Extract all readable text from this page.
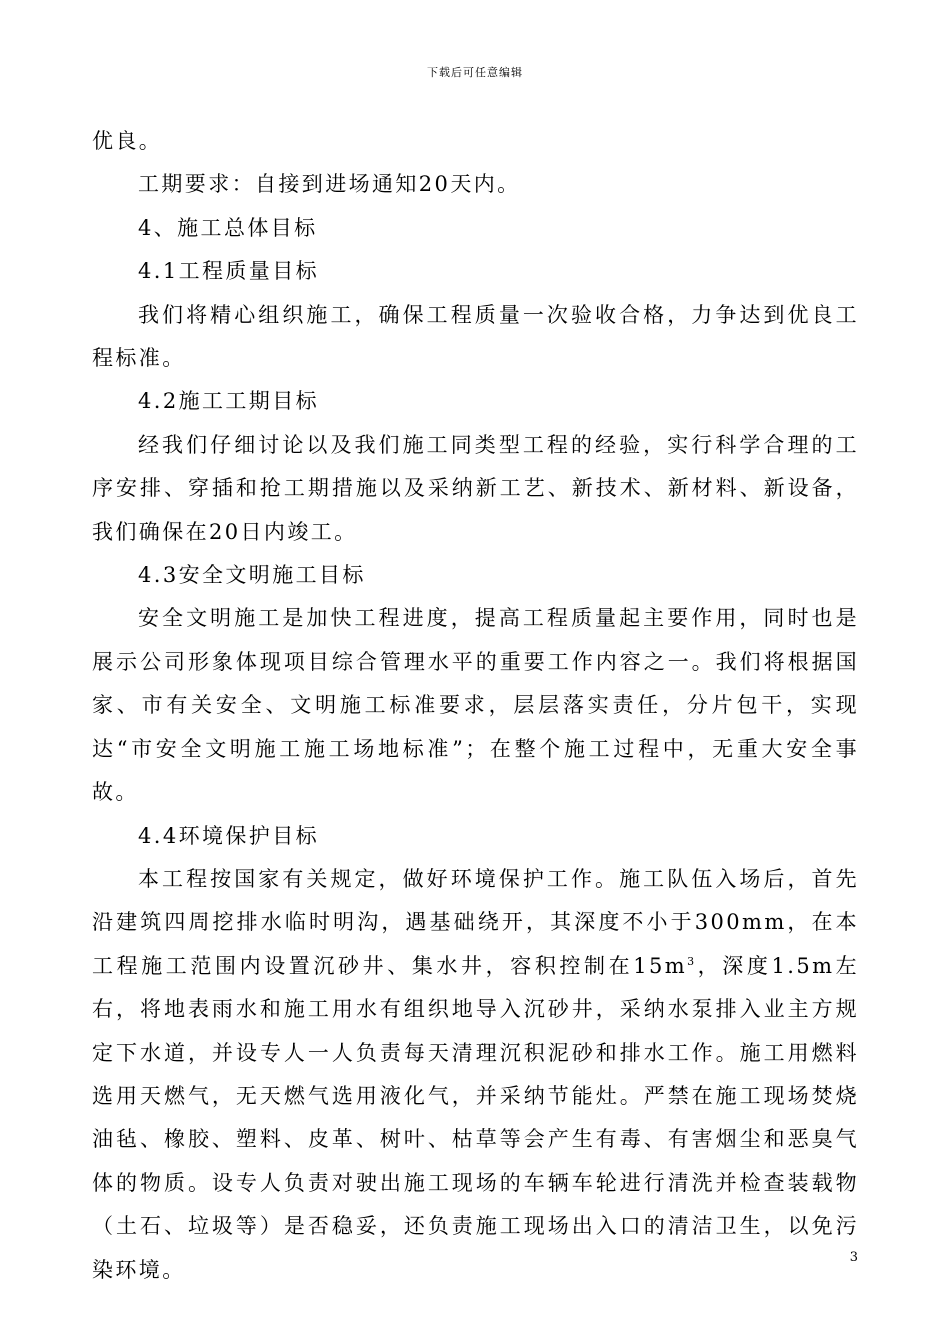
下载后可任意编辑

优良。

工期要求：自接到进场通知20天内。

4、施工总体目标

4.1工程质量目标

我们将精心组织施工，确保工程质量一次验收合格，力争达到优良工程标准。

4.2施工工期目标

经我们仔细讨论以及我们施工同类型工程的经验，实行科学合理的工序安排、穿插和抢工期措施以及采纳新工艺、新技术、新材料、新设备，我们确保在20日内竣工。

4.3安全文明施工目标

安全文明施工是加快工程进度，提高工程质量起主要作用，同时也是展示公司形象体现项目综合管理水平的重要工作内容之一。我们将根据国家、市有关安全、文明施工标准要求，层层落实责任，分片包干，实现达“市安全文明施工施工场地标准”；在整个施工过程中，无重大安全事故。

4.4环境保护目标

本工程按国家有关规定，做好环境保护工作。施工队伍入场后，首先沿建筑四周挖排水临时明沟，遇基础绕开，其深度不小于300mm，在本工程施工范围内设置沉砂井、集水井，容积控制在$15m^3$，深度1.5m左右，将地表雨水和施工用水有组织地导入沉砂井，采纳水泵排入业主方规定下水道，并设专人一人负责每天清理沉积泥砂和排水工作。施工用燃料选用天燃气，无天燃气选用液化气，并采纳节能灶。严禁在施工现场焚烧油毡、橡胶、塑料、皮革、树叶、枯草等会产生有毒、有害烟尘和恶臭气体的物质。设专人负责对驶出施工现场的车辆车轮进行清洗并检查装载物（土石、垃圾等）是否稳妥，还负责施工现场出入口的清洁卫生，以免污染环境。

3
